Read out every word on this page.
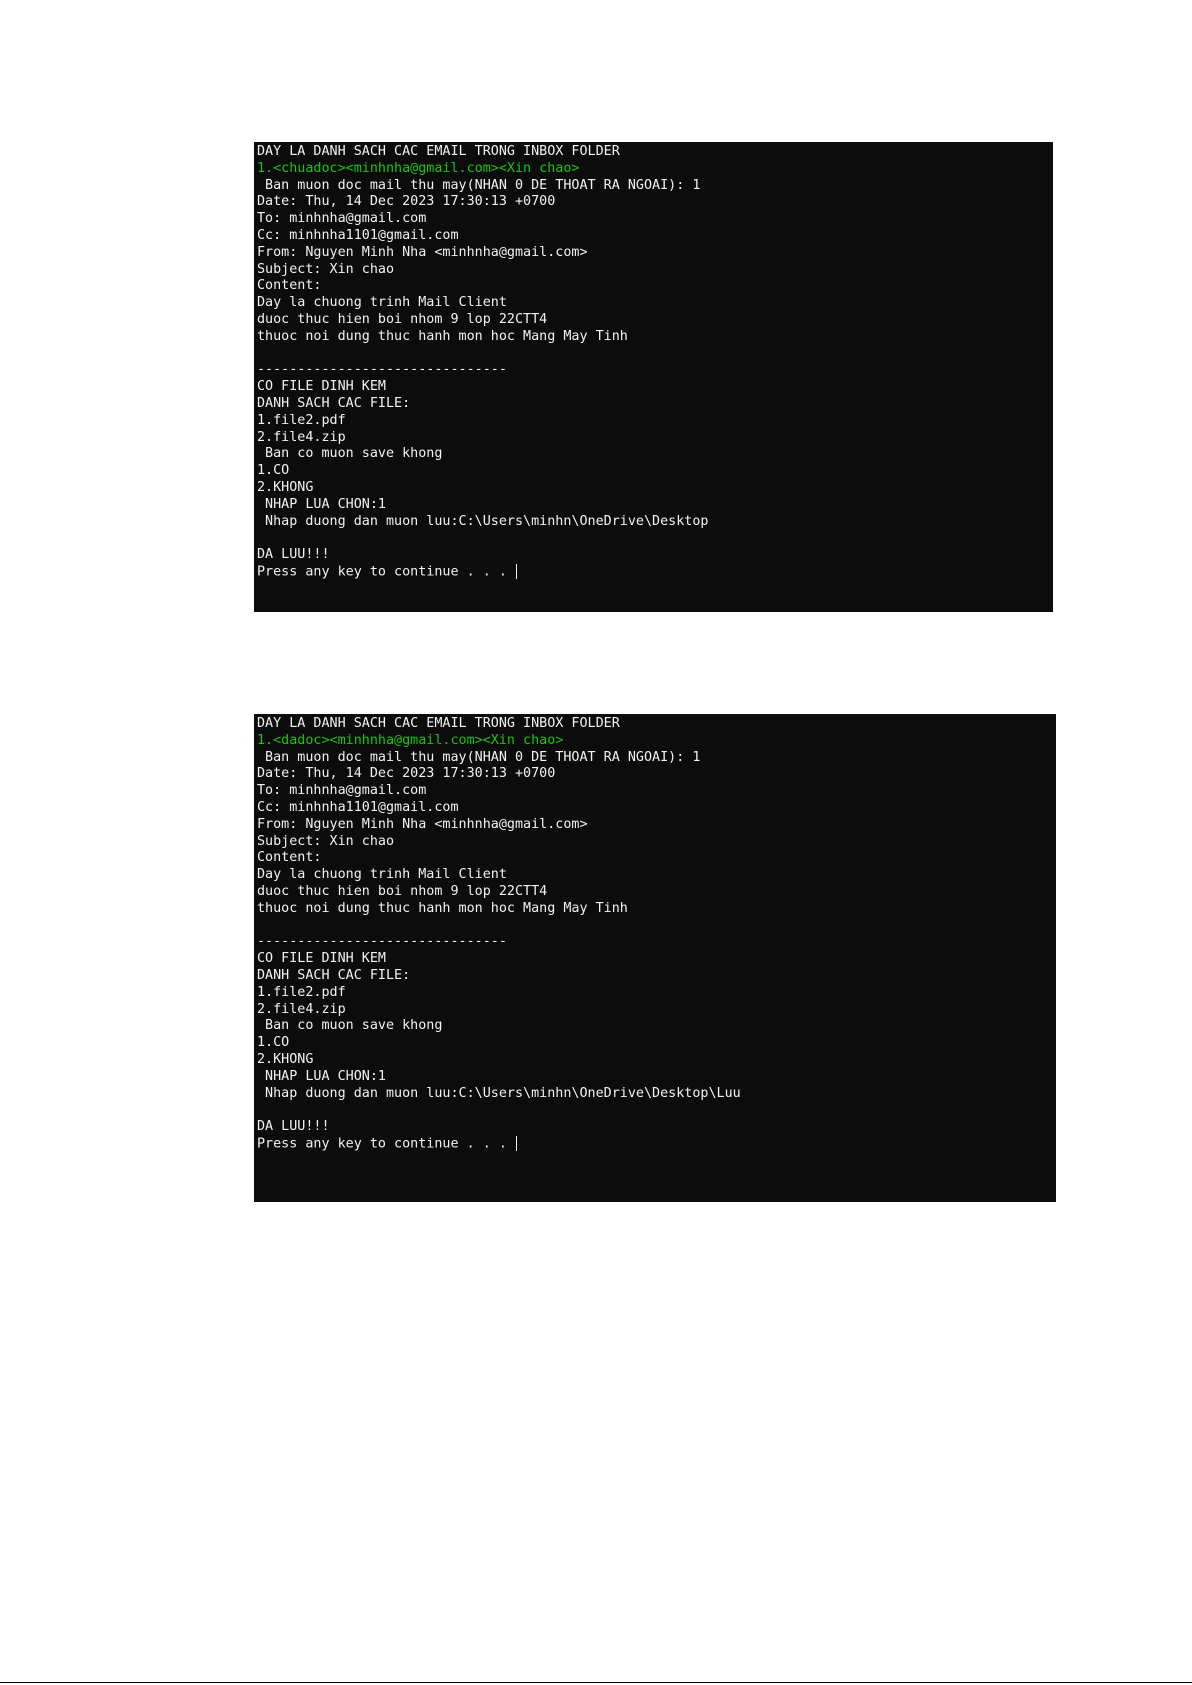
DAY LA DANH SACH CAC EMAIL TRONG INBOX FOLDER
1.<chuadoc><minhnha@gmail.com><Xin chao>
Ban muon doc mail thu may(NHAN 0 DE THOAT RA NGOAI): 1
Date: Thu, 14 Dec 2023 17:30:13 +0700
To: minhnha@gmail.com
Cc: minhnha1101@gmail.com
From: Nguyen Minh Nha <minhnha@gmail.com>
Subject: Xin chao
Content:
Day la chuong trinh Mail Client
duoc thuc hien boi nhom 9 lop 22CTT4
thuoc noi dung thuc hanh mon hoc Mang May Tinh
-------------------------------
CO FILE DINH KEM
DANH SACH CAC FILE:
1.file2.pdf
2.file4.zip
Ban co muon save khong
1.CO
2.KHONG
NHAP LUA CHON:1
Nhap duong dan muon luu:C:\Users\minhn\OneDrive\Desktop
DA LUU!!!
Press any key to continue . . .
DAY LA DANH SACH CAC EMAIL TRONG INBOX FOLDER
1.<dadoc><minhnha@gmail.com><Xin chao>
Ban muon doc mail thu may(NHAN 0 DE THOAT RA NGOAI): 1
Date: Thu, 14 Dec 2023 17:30:13 +0700
To: minhnha@gmail.com
Cc: minhnha1101@gmail.com
From: Nguyen Minh Nha <minhnha@gmail.com>
Subject: Xin chao
Content:
Day la chuong trinh Mail Client
duoc thuc hien boi nhom 9 lop 22CTT4
thuoc noi dung thuc hanh mon hoc Mang May Tinh
-------------------------------
CO FILE DINH KEM
DANH SACH CAC FILE:
1.file2.pdf
2.file4.zip
Ban co muon save khong
1.CO
2.KHONG
NHAP LUA CHON:1
Nhap duong dan muon luu:C:\Users\minhn\OneDrive\Desktop\Luu
DA LUU!!!
Press any key to continue . . .
